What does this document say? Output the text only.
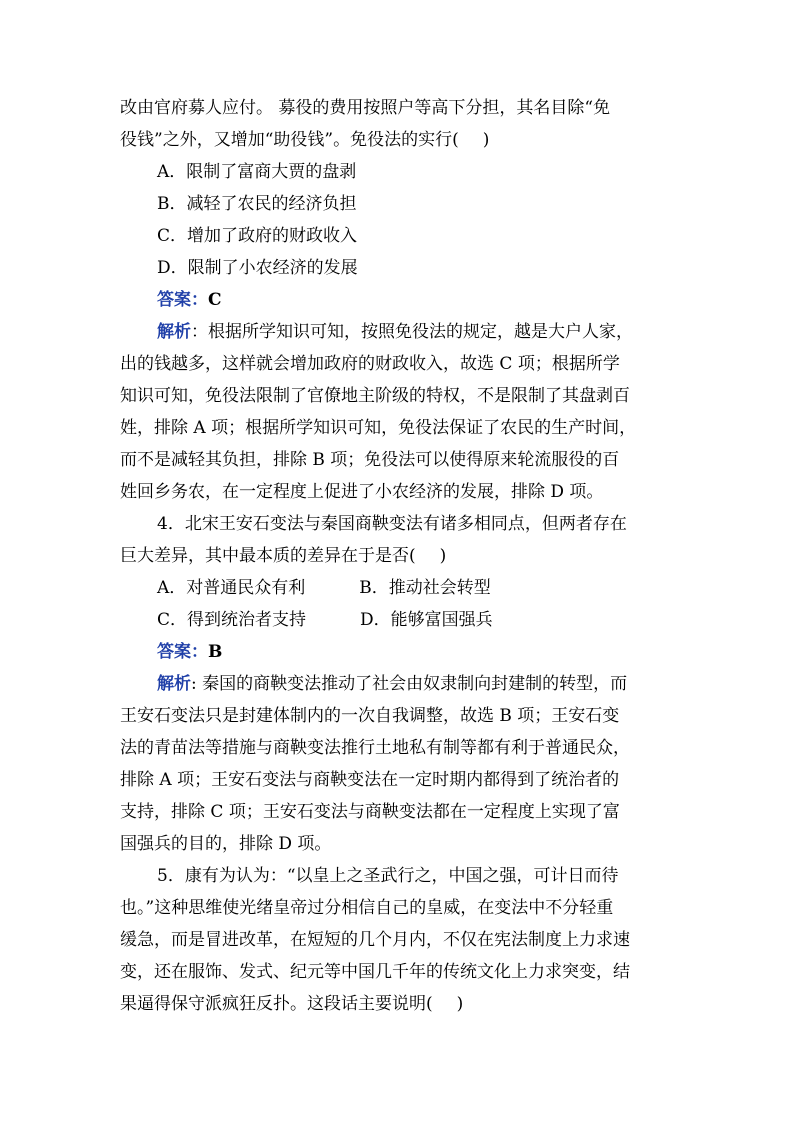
改由官府募人应付。 募役的费用按照户等高下分担，其名目除“免
役钱”之外，又增加“助役钱”。免役法的实行( )
A．限制了富商大贾的盘剥
B．减轻了农民的经济负担
C．增加了政府的财政收入
D．限制了小农经济的发展
答案：C
解析：根据所学知识可知，按照免役法的规定，越是大户人家，
出的钱越多，这样就会增加政府的财政收入，故选 C 项；根据所学
知识可知，免役法限制了官僚地主阶级的特权，不是限制了其盘剥百
姓，排除 A 项；根据所学知识可知，免役法保证了农民的生产时间，
而不是减轻其负担，排除 B 项；免役法可以使得原来轮流服役的百
姓回乡务农，在一定程度上促进了小农经济的发展，排除 D 项。
4．北宋王安石变法与秦国商鞅变法有诸多相同点，但两者存在
巨大差异，其中最本质的差异在于是否( )
A．对普通民众有利	B．推动社会转型
C．得到统治者支持	D．能够富国强兵
答案：B
解析: 秦国的商鞅变法推动了社会由奴隶制向封建制的转型，而
王安石变法只是封建体制内的一次自我调整，故选 B 项；王安石变
法的青苗法等措施与商鞅变法推行土地私有制等都有利于普通民众，
排除 A 项；王安石变法与商鞅变法在一定时期内都得到了统治者的
支持，排除 C 项；王安石变法与商鞅变法都在一定程度上实现了富
国强兵的目的，排除 D 项。
5．康有为认为：“以皇上之圣武行之，中国之强，可计日而待
也。”这种思维使光绪皇帝过分相信自己的皇威，在变法中不分轻重
缓急，而是冒进改革，在短短的几个月内，不仅在宪法制度上力求速
变，还在服饰、发式、纪元等中国几千年的传统文化上力求突变，结
果逼得保守派疯狂反扑。这段话主要说明( )
